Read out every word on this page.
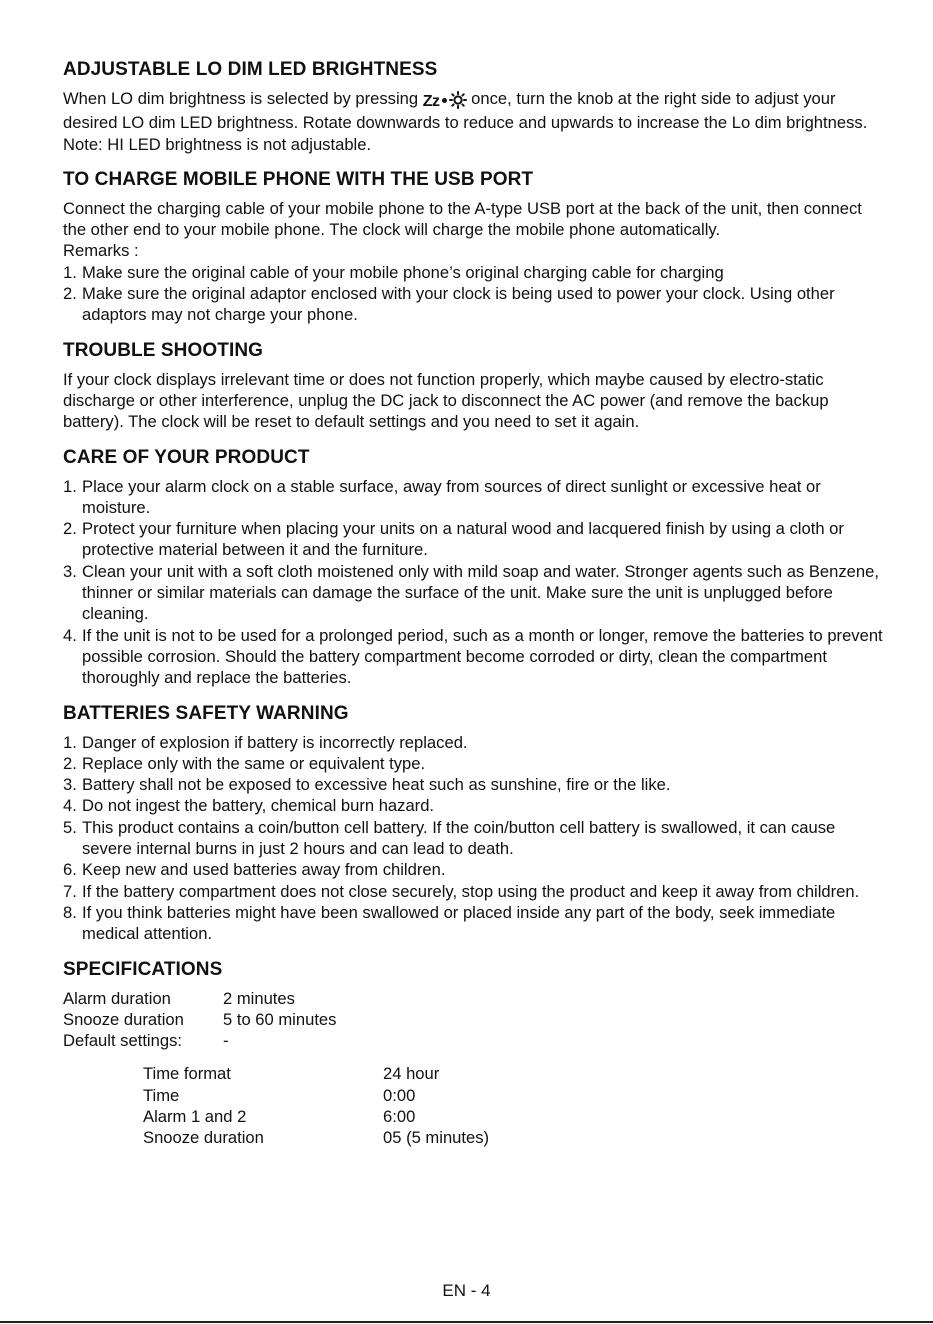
ADJUSTABLE LO DIM LED BRIGHTNESS

When LO dim brightness is selected by pressing Zz once, turn the knob at the right side to adjust your desired LO dim LED brightness. Rotate downwards to reduce and upwards to increase the Lo dim brightness.

Note: HI LED brightness is not adjustable.

TO CHARGE MOBILE PHONE WITH THE USB PORT

Connect the charging cable of your mobile phone to the A-type USB port at the back of the unit, then connect the other end to your mobile phone. The clock will charge the mobile phone automatically.

Remarks :

1. Make sure the original cable of your mobile phone’s original charging cable for charging
2. Make sure the original adaptor enclosed with your clock is being used to power your clock. Using other adaptors may not charge your phone.
TROUBLE SHOOTING

If your clock displays irrelevant time or does not function properly, which maybe caused by electro-static discharge or other interference, unplug the DC jack to disconnect the AC power (and remove the backup battery). The clock will be reset to default settings and you need to set it again.

CARE OF YOUR PRODUCT
1. Place your alarm clock on a stable surface, away from sources of direct sunlight or excessive heat or moisture.
2. Protect your furniture when placing your units on a natural wood and lacquered finish by using a cloth or protective material between it and the furniture.
3. Clean your unit with a soft cloth moistened only with mild soap and water. Stronger agents such as Benzene, thinner or similar materials can damage the surface of the unit. Make sure the unit is unplugged before cleaning.
4. If the unit is not to be used for a prolonged period, such as a month or longer, remove the batteries to prevent possible corrosion. Should the battery compartment become corroded or dirty, clean the compartment thoroughly and replace the batteries.
BATTERIES SAFETY WARNING
1. Danger of explosion if battery is incorrectly replaced.
2. Replace only with the same or equivalent type.
3. Battery shall not be exposed to excessive heat such as sunshine, fire or the like.
4. Do not ingest the battery, chemical burn hazard.
5. This product contains a coin/button cell battery. If the coin/button cell battery is swallowed, it can cause severe internal burns in just 2 hours and can lead to death.
6. Keep new and used batteries away from children.
7. If the battery compartment does not close securely, stop using the product and keep it away from children.
8. If you think batteries might have been swallowed or placed inside any part of the body, seek immediate medical attention.
SPECIFICATIONS
Alarm duration	2 minutes
Snooze duration	5 to 60 minutes
Default settings:	-
Time format	24 hour
Time	0:00
Alarm 1 and 2	6:00
Snooze duration	05 (5 minutes)
EN - 4
